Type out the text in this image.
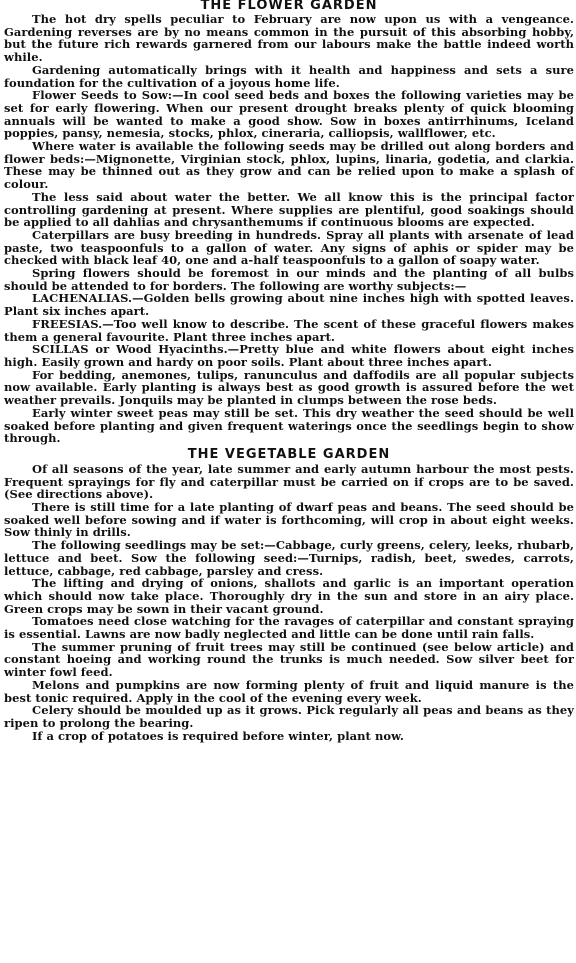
THE FLOWER GARDEN

The hot dry spells peculiar to February are now upon us with a vengeance. Gardening reverses are by no means common in the pursuit of this absorbing hobby, but the future rich rewards garnered from our labours make the battle indeed worth while.

Gardening automatically brings with it health and happiness and sets a sure foundation for the cultivation of a joyous home life.

Flower Seeds to Sow:—In cool seed beds and boxes the following varieties may be set for early flowering. When our present drought breaks plenty of quick blooming annuals will be wanted to make a good show. Sow in boxes antirrhinums, Iceland poppies, pansy, nemesia, stocks, phlox, cineraria, calliopsis, wallflower, etc.

Where water is available the following seeds may be drilled out along borders and flower beds:—Mignonette, Virginian stock, phlox, lupins, linaria, godetia, and clarkia. These may be thinned out as they grow and can be relied upon to make a splash of colour.

The less said about water the better. We all know this is the principal factor controlling gardening at present. Where supplies are plentiful, good soakings should be applied to all dahlias and chrysanthemums if continuous blooms are expected.

Caterpillars are busy breeding in hundreds. Spray all plants with arsenate of lead paste, two teaspoonfuls to a gallon of water. Any signs of aphis or spider may be checked with black leaf 40, one and a-half teaspoonfuls to a gallon of soapy water.

Spring flowers should be foremost in our minds and the planting of all bulbs should be attended to for borders. The following are worthy subjects:—

LACHENALIAS.—Golden bells growing about nine inches high with spotted leaves. Plant six inches apart.

FREESIAS.—Too well know to describe. The scent of these graceful flowers makes them a general favourite. Plant three inches apart.

SCILLAS or Wood Hyacinths.—Pretty blue and white flowers about eight inches high. Easily grown and hardy on poor soils. Plant about three inches apart.

For bedding, anemones, tulips, ranunculus and daffodils are all popular subjects now available. Early planting is always best as good growth is assured before the wet weather prevails. Jonquils may be planted in clumps between the rose beds.

Early winter sweet peas may still be set. This dry weather the seed should be well soaked before planting and given frequent waterings once the seedlings begin to show through.

THE VEGETABLE GARDEN

Of all seasons of the year, late summer and early autumn harbour the most pests. Frequent sprayings for fly and caterpillar must be carried on if crops are to be saved. (See directions above).

There is still time for a late planting of dwarf peas and beans. The seed should be soaked well before sowing and if water is forthcoming, will crop in about eight weeks. Sow thinly in drills.

The following seedlings may be set:—Cabbage, curly greens, celery, leeks, rhubarb, lettuce and beet. Sow the following seed:—Turnips, radish, beet, swedes, carrots, lettuce, cabbage, red cabbage, parsley and cress.

The lifting and drying of onions, shallots and garlic is an important operation which should now take place. Thoroughly dry in the sun and store in an airy place. Green crops may be sown in their vacant ground.

Tomatoes need close watching for the ravages of caterpillar and constant spraying is essential. Lawns are now badly neglected and little can be done until rain falls.

The summer pruning of fruit trees may still be continued (see below article) and constant hoeing and working round the trunks is much needed. Sow silver beet for winter fowl feed.

Melons and pumpkins are now forming plenty of fruit and liquid manure is the best tonic required. Apply in the cool of the evening every week.

Celery should be moulded up as it grows. Pick regularly all peas and beans as they ripen to prolong the bearing.

If a crop of potatoes is required before winter, plant now.
